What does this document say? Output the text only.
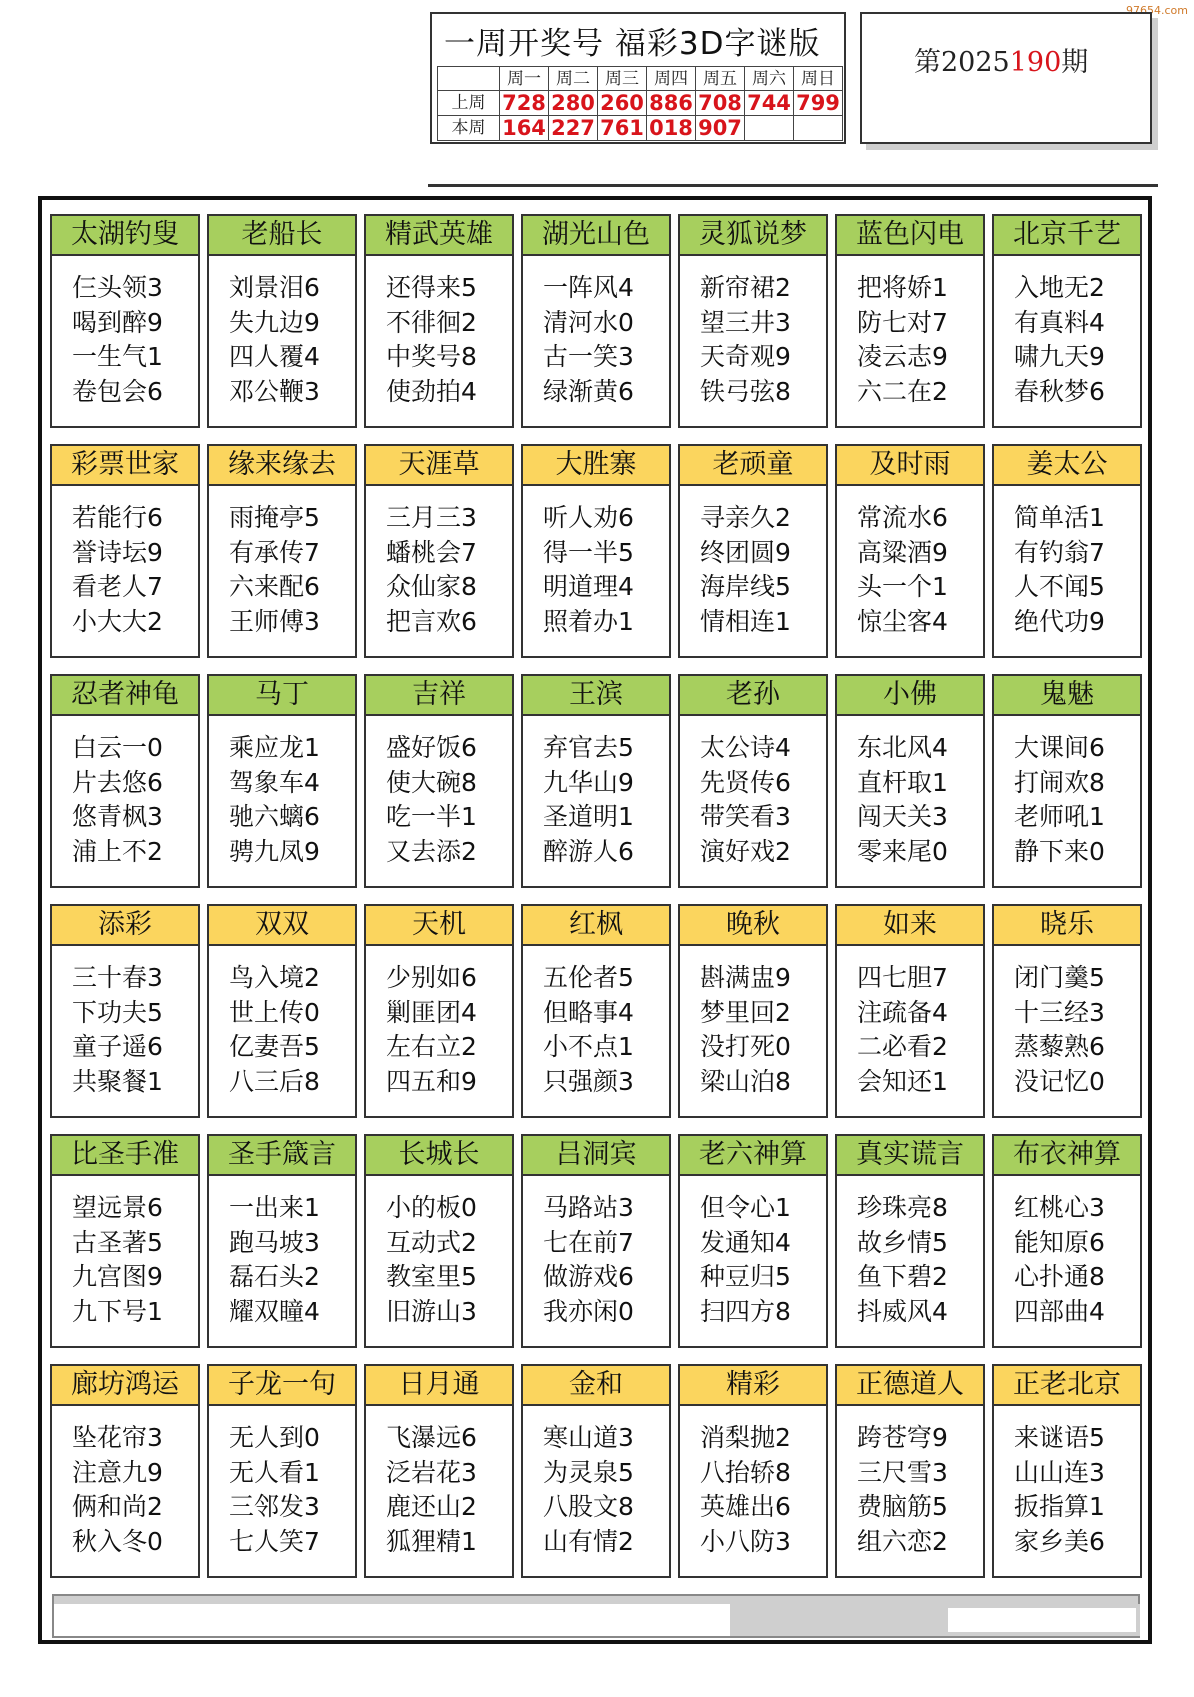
97654.com
一周开奖号 福彩3D字谜版
	周一	周二	周三	周四	周五	周六	周日
上周	728	280	260	886	708	744	799
本周	164	227	761	018	907		
第2025190期
太湖钓叟
仨头领3
喝到醉9
一生气1
卷包会6
老船长
刘景泪6
失九边9
四人覆4
邓公鞭3
精武英雄
还得来5
不徘徊2
中奖号8
使劲拍4
湖光山色
一阵风4
清河水0
古一笑3
绿渐黄6
灵狐说梦
新帘裙2
望三井3
天奇观9
铁弓弦8
蓝色闪电
把将娇1
防七对7
凌云志9
六二在2
北京千艺
入地无2
有真料4
啸九天9
春秋梦6
彩票世家
若能行6
誉诗坛9
看老人7
小大大2
缘来缘去
雨掩亭5
有承传7
六来配6
王师傅3
天涯草
三月三3
蟠桃会7
众仙家8
把言欢6
大胜寨
听人劝6
得一半5
明道理4
照着办1
老顽童
寻亲久2
终团圆9
海岸线5
情相连1
及时雨
常流水6
高粱酒9
头一个1
惊尘客4
姜太公
简单活1
有钓翁7
人不闻5
绝代功9
忍者神龟
白云一0
片去悠6
悠青枫3
浦上不2
马丁
乘应龙1
驾象车4
驰六螭6
骋九凤9
吉祥
盛好饭6
使大碗8
吃一半1
又去添2
王滨
弃官去5
九华山9
圣道明1
醉游人6
老孙
太公诗4
先贤传6
带笑看3
演好戏2
小佛
东北风4
直杆取1
闯天关3
零来尾0
鬼魅
大课间6
打闹欢8
老师吼1
静下来0
添彩
三十春3
下功夫5
童子遥6
共聚餐1
双双
鸟入境2
世上传0
亿妻吾5
八三后8
天机
少别如6
剿匪团4
左右立2
四五和9
红枫
五伦者5
但略事4
小不点1
只强颜3
晚秋
斟满盅9
梦里回2
没打死0
梁山泊8
如来
四七胆7
注疏备4
二必看2
会知还1
晓乐
闭门羹5
十三经3
蒸藜熟6
没记忆0
比圣手准
望远景6
古圣著5
九宫图9
九下号1
圣手箴言
一出来1
跑马坡3
磊石头2
耀双瞳4
长城长
小的板0
互动式2
教室里5
旧游山3
吕洞宾
马路站3
七在前7
做游戏6
我亦闲0
老六神算
但令心1
发通知4
种豆归5
扫四方8
真实谎言
珍珠亮8
故乡情5
鱼下碧2
抖威风4
布衣神算
红桃心3
能知原6
心扑通8
四部曲4
廊坊鸿运
坠花帘3
注意九9
俩和尚2
秋入冬0
子龙一句
无人到0
无人看1
三邻发3
七人笑7
日月通
飞瀑远6
泛岩花3
鹿还山2
狐狸精1
金和
寒山道3
为灵泉5
八股文8
山有情2
精彩
消梨抛2
八抬轿8
英雄出6
小八防3
正德道人
跨苍穹9
三尺雪3
费脑筋5
组六恋2
正老北京
来谜语5
山山连3
扳指算1
家乡美6
